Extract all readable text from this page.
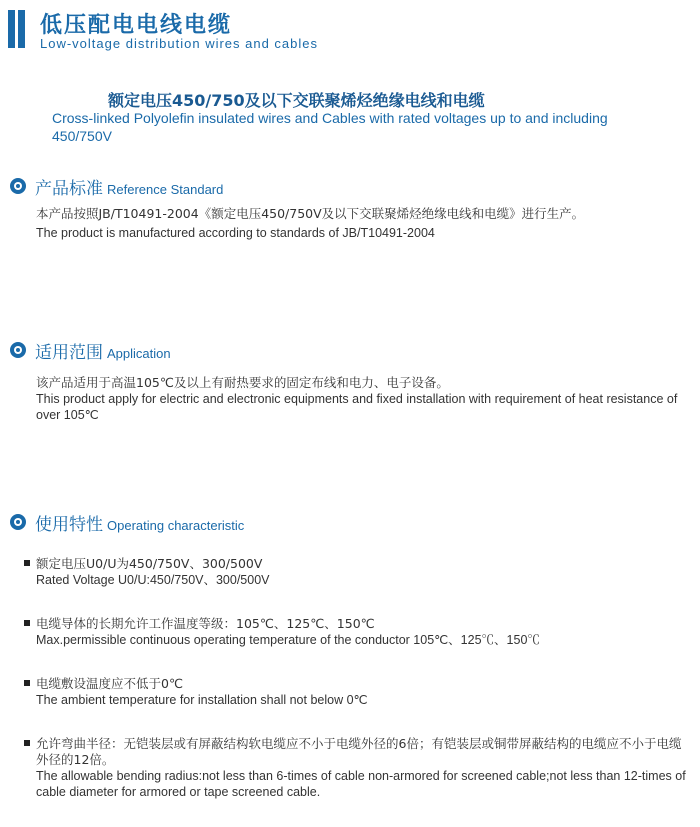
低压配电电线电缆
Low-voltage distribution wires and cables
额定电压450/750及以下交联聚烯烃绝缘电线和电缆
Cross-linked Polyolefin insulated wires and Cables with rated voltages up to and including 450/750V
产品标准 Reference Standard
本产品按照JB/T10491-2004《额定电压450/750V及以下交联聚烯烃绝缘电线和电缆》进行生产。
The product is manufactured according to standards of JB/T10491-2004
适用范围 Application
该产品适用于高温105℃及以上有耐热要求的固定布线和电力、电子设备。
This product apply for electric and electronic equipments and fixed installation with requirement of heat resistance of over 105℃
使用特性 Operating characteristic
额定电压U0/U为450/750V、300/500V
Rated Voltage U0/U:450/750V、300/500V
电缆导体的长期允许工作温度等级：105℃、125℃、150℃
Max.permissible continuous operating temperature of the conductor 105℃、125℃、150℃
电缆敷设温度应不低于0℃
The ambient temperature for installation shall not below 0℃
允许弯曲半径：无铠装层或有屏蔽结构软电缆应不小于电缆外径的6倍；有铠装层或铜带屏蔽结构的电缆应不小于电缆外径的12倍。
The allowable bending radius:not less than 6-times of cable non-armored for screened cable;not less than 12-times of cable diameter for armored or tape screened cable.
